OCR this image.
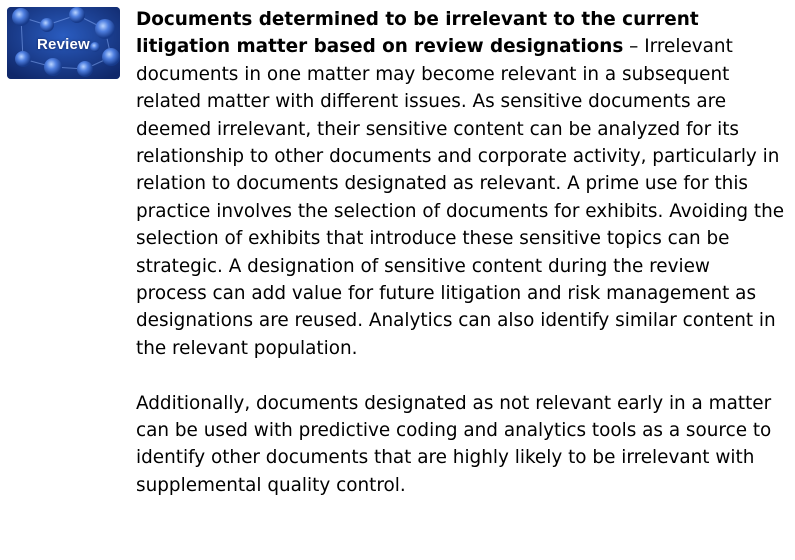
Review

Documents determined to be irrelevant to the current litigation matter based on review designations – Irrelevant documents in one matter may become relevant in a subsequent related matter with different issues. As sensitive documents are deemed irrelevant, their sensitive content can be analyzed for its relationship to other documents and corporate activity, particularly in relation to documents designated as relevant. A prime use for this practice involves the selection of documents for exhibits. Avoiding the selection of exhibits that introduce these sensitive topics can be strategic. A designation of sensitive content during the review process can add value for future litigation and risk management as designations are reused. Analytics can also identify similar content in the relevant population.

Additionally, documents designated as not relevant early in a matter can be used with predictive coding and analytics tools as a source to identify other documents that are highly likely to be irrelevant with supplemental quality control.
